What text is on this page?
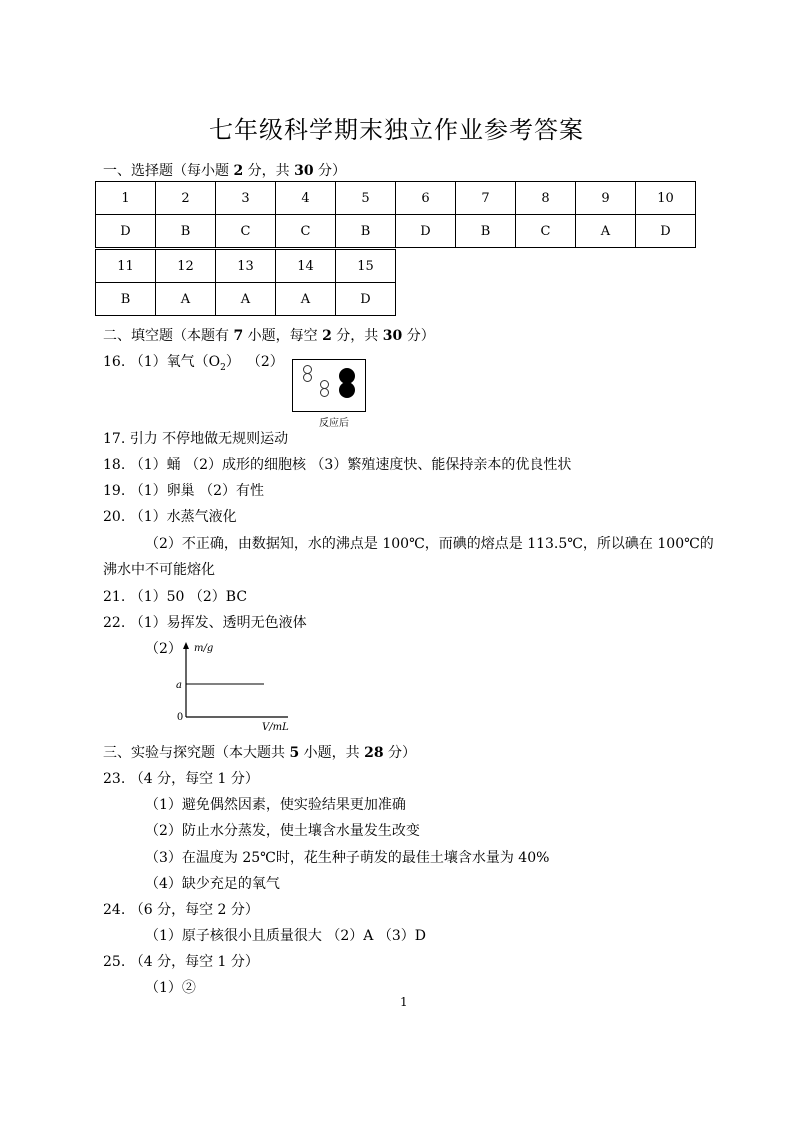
七年级科学期末独立作业参考答案
一、选择题（每小题 2 分，共 30 分）
1	2	3	4	5	6	7	8	9	10
D	B	C	C	B	D	B	C	A	D
11	12	13	14	15
B	A	A	A	D
二、填空题（本题有 7 小题，每空 2 分，共 30 分）
16. （1）氧气$(O_2)$ （2）
反应后
17. 引力 不停地做无规则运动
18. （1）蛹 （2）成形的细胞核 （3）繁殖速度快、能保持亲本的优良性状
19. （1）卵巢 （2）有性
20. （1）水蒸气液化
（2）不正确，由数据知，水的沸点是 100℃，而碘的熔点是 113.5℃，所以碘在 100℃的
沸水中不可能熔化
21. （1）50 （2）BC
22. （1）易挥发、透明无色液体
（2） m/g
V/mL
a
0
三、实验与探究题（本大题共 5 小题，共 28 分）
23. （4 分，每空 1 分）
（1）避免偶然因素，使实验结果更加准确
（2）防止水分蒸发，使土壤含水量发生改变
（3）在温度为 25℃时，花生种子萌发的最佳土壤含水量为 40%
（4）缺少充足的氧气
24. （6 分，每空 2 分）
（1）原子核很小且质量很大 （2）A （3）D
25. （4 分，每空 1 分）
（1）②
1
